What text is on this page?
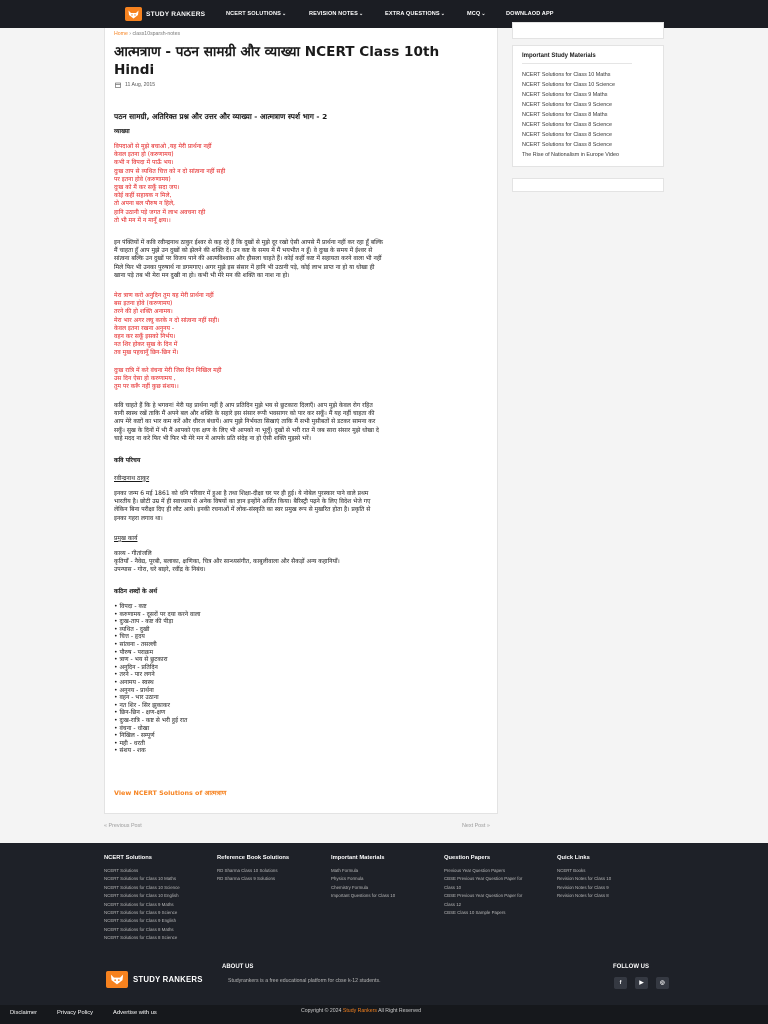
STUDY RANKERS	NCERT SOLUTIONS⌄	REVISION NOTES⌄	EXTRA QUESTIONS⌄	MCQ⌄	DOWNLAOD APP
Home › class10sparsh-notes
आत्मत्राण - पठन सामग्री और व्याख्या NCERT Class 10th
Hindi
11 Aug, 2015
पठन सामग्री, अतिरिक्त प्रश्न और उत्तर और व्याख्या - आत्मत्राण स्पर्श भाग - 2
व्याख्या
विपदाओं से मुझे बचाओ ,यह मेरी प्रार्थना नहीं
केवल इतना हो (करुणामय)
कभी न विपदा में पाऊँ भय।
दुःख ताप से व्यथित चित्त को न दो सांत्वना नहीं सही
पर इतना होवे (करुणामय)
दुःख को मैं कर सकूँ सदा जय।
कोई कहीं सहायक न मिले,
तो अपना बल पौरुष न हिले,
हानि उठानी पड़े जगत में लाभ अवचना रही
तो भी मन में न मानूँ क्षय।।
इन पंक्तियों में कवि रवीन्द्रनाथ ठाकुर ईश्वर से कह रहे हैं कि दुखों से मुझे दूर रखो ऐसी आपसे मैं प्रार्थना नहीं कर रहा हूँ बल्कि
मैं चाहता हूँ आप मुझे उन दुखों को झेलने की शक्ति दें। उन कष्ट के समय में मैं भयभीत न हूँ। वे दुःख के समय में ईश्वर से
सांत्वना बल्कि उन दुखों पर विजय पाने की आत्मविश्वास और हौसला चाहते हैं। कोई कहीं कष्ट में सहायता करने वाला भी नहीं
मिले फिर भी उनका पुरुषार्थ ना डगमगाए। अगर मुझे इस संसार में हानि भी उठानी पड़े, कोई लाभ प्राप्त ना हो या धोखा ही
खाना पड़े तब भी मेरा मन दुखी ना हो। कभी भी मेरे मन की शक्ति का नाश ना हो।
मेरा त्राण करो अनुदिन तुम यह मेरी प्रार्थना नहीं
बस इतना होवे (करुणामय)
तरने की हो शक्ति अनामय।
मेरा भार अगर लघु करके न दो सांत्वना नहीं सही।
केवल इतना रखना अनुनय -
वहन कर सकूँ इसको निर्भय।
नत शिर होकर सुख के दिन में
तव मुख पहचानूँ छिन-छिन में।
दुःख रात्रि में करे वंचना मेरी जिस दिन निखिल मही
उस दिन ऐसा हो करुणामय ,
तुम पर करूँ नहीं कुछ संशय।।
कवि चाहते हैं कि हे भगवन! मेरी यह प्रार्थना नहीं है आप प्रतिदिन मुझे भय से छुटकारा दिलाएँ। आप मुझे केवल रोग रहित
यानी स्वस्थ रखें ताकि मैं अपने बल और शक्ति के सहारे इस संसार रूपी भवसागर को पार कर सकूँ। मैं यह नहीं चाहता की
आप मेरे कष्टों का भार कम करें और धीरज बंधायें। आप मुझे निर्भयता सिखाएं ताकि मैं सभी मुसीबतों से डटकर सामना कर
सकूँ। सुख के दिनों में भी मैं आपको एक क्षण के लिए भी आपको ना भूलूँ। दुखों से भरी रात में जब सारा संसार मुझे धोखा दे
चाहे मदद ना करे फिर भी फिर भी मेरे मन में आपके प्रति संदेह ना हो ऐसी शक्ति मुझसे भरें।
कवि परिचय
रवीन्द्रनाथ ठाकुर
इनका जन्म 6 मई 1861 को धनि परिवार में हुआ है तथा शिक्षा-दीक्षा घर पर ही हुई। ये नोबेल पुरस्कार पाने वाले प्रथम
भारतीय है। छोटी उम्र में ही स्वाध्याय से अनेक विषयों का ज्ञान इन्होंने अर्जित किया। बैरिस्ट्री पढ़ने के लिए विदेश भेजे गए
लेकिन बिना परीक्षा दिए ही लौट आये। इनकी रचनाओं में लोक-संस्कृति का स्वर प्रमुख रूप से मुखरित होता है। प्रकृति से
इनका गहरा लगाव था।
प्रमुख कार्य
काव्य - गीतांजलि
कृतियाँ - नैवेद्य, पूरबी, बलाका, क्षणिका, चित्र और सान्ध्यसंगीत, काबुलीवाला और सैकड़ों अन्य कहानियाँ।
उपन्यास - गोरा, घरे बाइरे, रवींद्र के निबंध।
कठिन शब्दों के अर्थ
• विपदा - कष्ट
• करुणामय - दूसरों पर दया करने वाला
• दुःख-ताप - कष्ट की पीड़ा
• व्यथित - दुखी
• चित्त - हृदय
• सांत्वना - तसल्ली
• पौरुष - पराक्रम
• त्राण - भय से छुटकारा
• अनुदिन - प्रतिदिन
• तरने - पार लगने
• अनामय - स्वस्थ
• अनुनय - प्रार्थना
• वहन - भार उठाना
• नत शिर - सिर झुकाकर
• छिन-छिन - क्षण-क्षण
• दुःख-रात्रि - कष्ट से भरी हुई रात
• वंचना - धोखा
• निखिल - सम्पूर्ण
• मही - धरती
• संशय - शक
View NCERT Solutions of आत्मत्राण
« Previous Post	Next Post »
Important Study Materials
NCERT Solutions for Class 10 Maths
NCERT Solutions for Class 10 Science
NCERT Solutions for Class 9 Maths
NCERT Solutions for Class 9 Science
NCERT Solutions for Class 8 Maths
NCERT Solutions for Class 8 Science
NCERT Solutions for Class 8 Science
NCERT Solutions for Class 8 Science
The Rise of Nationalism in Europe Video
NCERT Solutions
NCERT Solutions
NCERT Solutions for Class 10 Maths
NCERT Solutions for Class 10 Science
NCERT Solutions for Class 10 English
NCERT Solutions for Class 9 Maths
NCERT Solutions for Class 9 Science
NCERT Solutions for Class 9 English
NCERT Solutions for Class 8 Maths
NCERT Solutions for Class 8 Science
Reference Book Solutions
RD Sharma Class 10 Solutions
RD Sharma Class 9 Solutions
Important Materials
Math Formula
Physics Formula
Chemistry Formula
Important Questions for Class 10
Question Papers
Previous Year Question Papers
CBSE Previous Year Question Paper for
Class 10
CBSE Previous Year Question Paper for
Class 12
CBSE Class 10 Sample Papers
Quick Links
NCERT Books
Revision Notes for Class 10
Revision Notes for Class 9
Revision Notes for Class 8
STUDY RANKERS
ABOUT US
Studyrankers is a free educational platform for cbse k-12 students.
FOLLOW US
f	▶	◎
Disclaimer	Privacy Policy	Advertise with us	Copyright © 2024 Study Rankers All Right Reserved
